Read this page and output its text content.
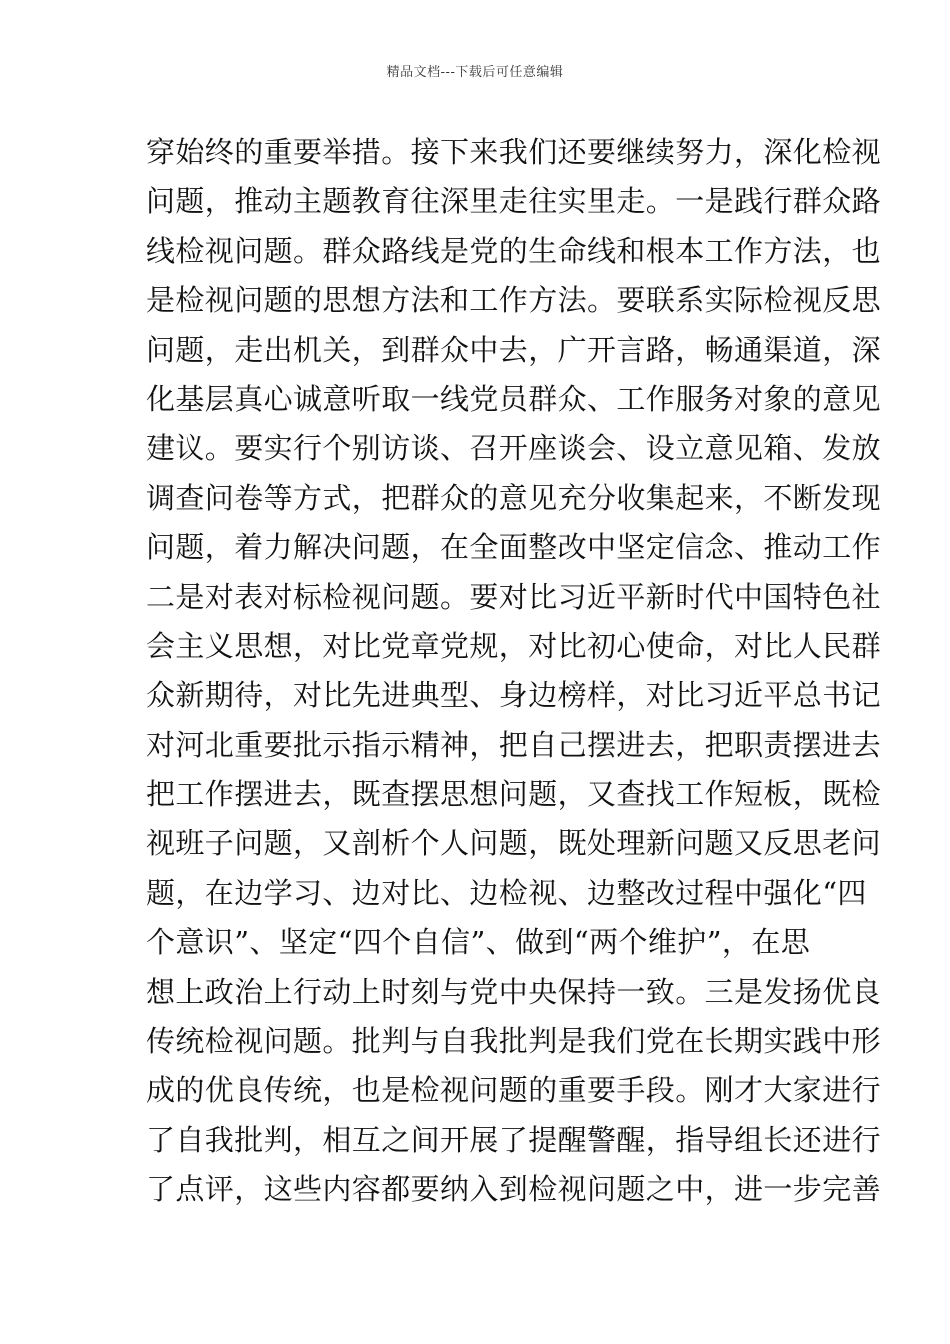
精品文档---下载后可任意编辑
穿始终的重要举措。接下来我们还要继续努力，深化检视
问题，推动主题教育往深里走往实里走。一是践行群众路
线检视问题。群众路线是党的生命线和根本工作方法，也
是检视问题的思想方法和工作方法。要联系实际检视反思
问题，走出机关，到群众中去，广开言路，畅通渠道，深
化基层真心诚意听取一线党员群众、工作服务对象的意见
建议。要实行个别访谈、召开座谈会、设立意见箱、发放
调查问卷等方式，把群众的意见充分收集起来，不断发现
问题，着力解决问题，在全面整改中坚定信念、推动工作
二是对表对标检视问题。要对比习近平新时代中国特色社
会主义思想，对比党章党规，对比初心使命，对比人民群
众新期待，对比先进典型、身边榜样，对比习近平总书记
对河北重要批示指示精神，把自己摆进去，把职责摆进去
把工作摆进去，既查摆思想问题，又查找工作短板，既检
视班子问题，又剖析个人问题，既处理新问题又反思老问
题，在边学习、边对比、边检视、边整改过程中强化“四
个意识”、坚定“四个自信”、做到“两个维护”，在思
想上政治上行动上时刻与党中央保持一致。三是发扬优良
传统检视问题。批判与自我批判是我们党在长期实践中形
成的优良传统，也是检视问题的重要手段。刚才大家进行
了自我批判，相互之间开展了提醒警醒，指导组长还进行
了点评，这些内容都要纳入到检视问题之中，进一步完善
